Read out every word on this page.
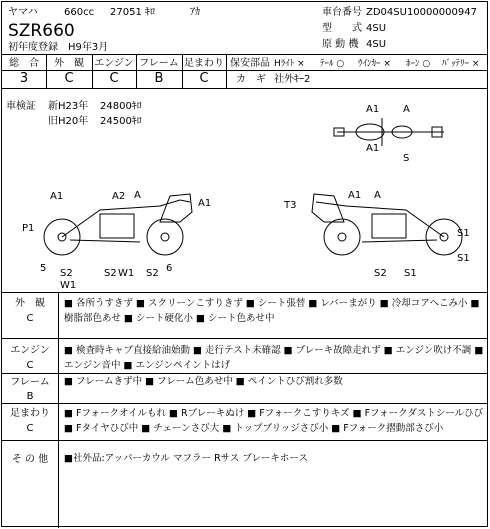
ヤマハ	660cc 27051 ｷﾛ	ｱｶ
SZR660
初年度登録　H9年3月
車台番号 ZD04SU10000000947
型　　式 4SU
原 動 機 4SU
総　合	外　観	エンジン フレーム 足まわり
3	C	C	B	C
保安部品 Hﾗｲﾄ × ﾃｰﾙ ○ ｳｲﾝｶｰ × ﾎｰﾝ ○ ﾊﾞｯﾃﾘｰ ×
カ　ギ 社外ｷｰ2
車検証 新H23年 24800ｷﾛ
旧H20年 24500ｷﾛ
A1 A
A1
S
A1	A2 A
A1
P1
5 S2
W1
S2 W1 S2 6
A1 A
T3
S1
S1
S2 S1
外　観
C
■ 各所うすきず ■ スクリーンこすりきず ■ シート張替 ■ レバーまがり ■ 冷却コアへこみ小 ■ 樹脂部色あせ ■ シート硬化小 ■ シート色あせ中
エンジン
C
■ 検査時キャブ直接給油始動 ■ 走行テスト未確認 ■ ブレーキ故障走れず ■ エンジン吹け不調 ■ エンジン音中 ■ エンジンペイントはげ
フレーム
B
■ フレームきず中 ■ フレーム色あせ中 ■ ペイントひび割れ多数
足まわり
C
■ Fフォークオイルもれ ■ Rブレーキぬけ ■ Fフォークこすりキズ ■ Fフォークダストシールひび ■ Fタイヤひび中 ■ チェーンさび大 ■ トップブリッジさび小 ■ Fフォーク摺動部さび小
そ の 他	■社外品:アッパーカウル マフラー Rサス ブレーキホース
